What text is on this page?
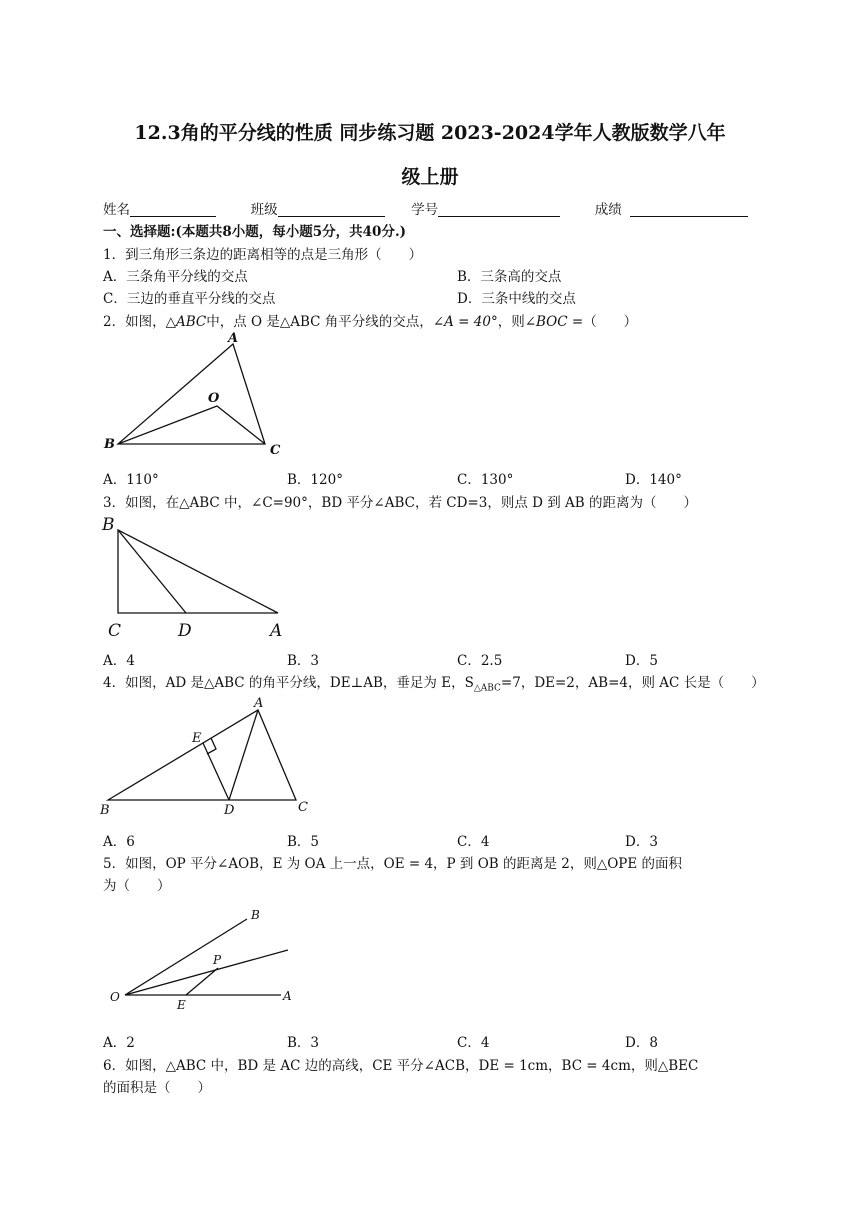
12.3角的平分线的性质 同步练习题 2023-2024学年人教版数学八年
级上册
姓名	班级	学号	成绩
一、选择题:(本题共8小题，每小题5分，共40分.)
1．到三角形三条边的距离相等的点是三角形（　　）
A．三条角平分线的交点	B．三条高的交点
C．三边的垂直平分线的交点	D．三条中线的交点
2．如图，△ABC中，点 O 是△ABC 角平分线的交点，∠A = 40°，则∠BOC =（　　）
A
O
B	C
A．110°	B．120°	C．130°	D．140°
3．如图，在△ABC 中，∠C=90°，BD 平分∠ABC，若 CD=3，则点 D 到 AB 的距离为（　　）
B
C	D	A
A．4	B．3	C．2.5	D．5
4．如图，AD 是△ABC 的角平分线，DE⊥AB，垂足为 E，$S_{\triangle ABC}=7$，DE=2，AB=4，则 AC 长是（　　）
A
E
B	D	C
A．6	B．5	C．4	D．3
5．如图，OP 平分∠AOB，E 为 OA 上一点，OE = 4，P 到 OB 的距离是 2，则△OPE 的面积
为（　　）
B
P
O
E
A
A．2	B．3	C．4	D．8
6．如图，△ABC 中，BD 是 AC 边的高线，CE 平分∠ACB，DE = 1cm，BC = 4cm，则△BEC
的面积是（　　）
